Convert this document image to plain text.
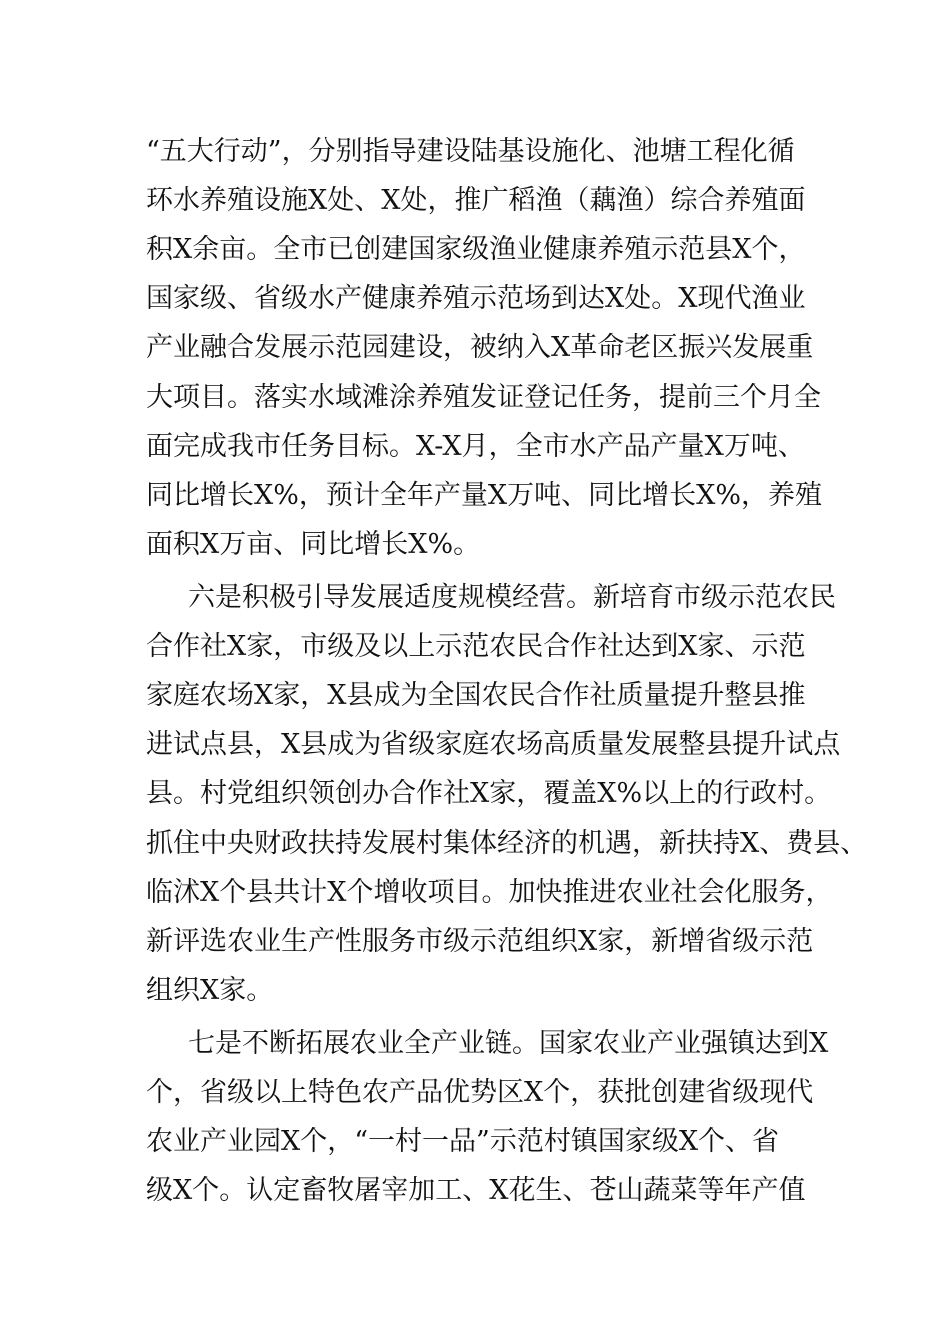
“五大行动”，分别指导建设陆基设施化、池塘工程化循

环水养殖设施X处、X处，推广稻渔（藕渔）综合养殖面

积X余亩。全市已创建国家级渔业健康养殖示范县X个，

国家级、省级水产健康养殖示范场到达X处。X现代渔业

产业融合发展示范园建设，被纳入X革命老区振兴发展重

大项目。落实水域滩涂养殖发证登记任务，提前三个月全

面完成我市任务目标。X-X月，全市水产品产量X万吨、

同比增长X%，预计全年产量X万吨、同比增长X%，养殖

面积X万亩、同比增长X%。

六是积极引导发展适度规模经营。新培育市级示范农民

合作社X家，市级及以上示范农民合作社达到X家、示范

家庭农场X家，X县成为全国农民合作社质量提升整县推

进试点县，X县成为省级家庭农场高质量发展整县提升试点

县。村党组织领创办合作社X家，覆盖X%以上的行政村。

抓住中央财政扶持发展村集体经济的机遇，新扶持X、费县、

临沭X个县共计X个增收项目。加快推进农业社会化服务，

新评选农业生产性服务市级示范组织X家，新增省级示范

组织X家。

七是不断拓展农业全产业链。国家农业产业强镇达到X

个，省级以上特色农产品优势区X个，获批创建省级现代

农业产业园X个，“一村一品”示范村镇国家级X个、省

级X个。认定畜牧屠宰加工、X花生、苍山蔬菜等年产值
